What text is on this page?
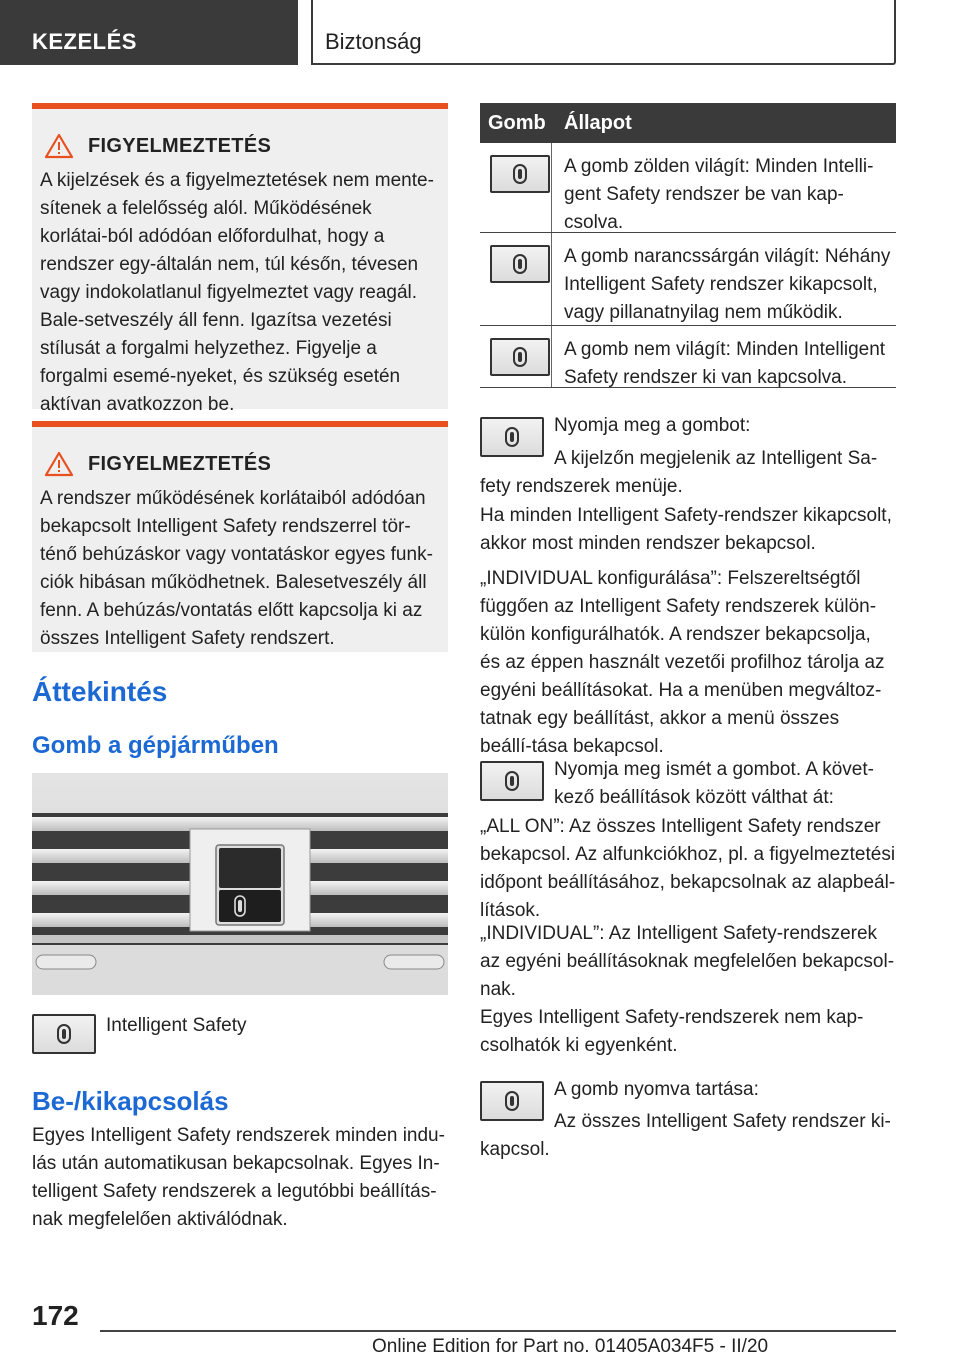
KEZELÉS	Biztonság
FIGYELMEZTETÉS

A kijelzések és a figyelmeztetések nem mente-sítenek a felelősség alól. Működésének korlátai-ból adódóan előfordulhat, hogy a rendszer egy-általán nem, túl későn, tévesen vagy indokolatlanul figyelmeztet vagy reagál. Bale-setveszély áll fenn. Igazítsa vezetési stílusát a forgalmi helyzethez. Figyelje a forgalmi esemé-nyeket, és szükség esetén aktívan avatkozzon be.

FIGYELMEZTETÉS

A rendszer működésének korlátaiból adódóan bekapcsolt Intelligent Safety rendszerrel tör-ténő behúzáskor vagy vontatáskor egyes funk-ciók hibásan működhetnek. Balesetveszély áll fenn. A behúzás/vontatás előtt kapcsolja ki az összes Intelligent Safety rendszert.

Áttekintés
Gomb a gépjárműben
Intelligent Safety
Be-/kikapcsolás

Egyes Intelligent Safety rendszerek minden indu-lás után automatikusan bekapcsolnak. Egyes In-telligent Safety rendszerek a legutóbbi beállítás-nak megfelelően aktiválódnak.

Gomb Állapot

A gomb zölden világít: Minden Intelli-gent Safety rendszer be van kap-csolva.

A gomb narancssárgán világít: Néhány Intelligent Safety rendszer kikapcsolt, vagy pillanatnyilag nem működik.

A gomb nem világít: Minden Intelligent Safety rendszer ki van kapcsolva.

Nyomja meg a gombot:

A kijelzőn megjelenik az Intelligent Sa-fety rendszerek menüje.

Ha minden Intelligent Safety-rendszer kikapcsolt, akkor most minden rendszer bekapcsol.

„INDIVIDUAL konfigurálása”: Felszereltségtől függően az Intelligent Safety rendszerek külön-külön konfigurálhatók. A rendszer bekapcsolja, és az éppen használt vezetői profilhoz tárolja az egyéni beállításokat. Ha a menüben megváltoz-tatnak egy beállítást, akkor a menü összes beállí-tása bekapcsol.

Nyomja meg ismét a gombot. A követ-kező beállítások között válthat át:

„ALL ON”: Az összes Intelligent Safety rendszer bekapcsol. Az alfunkciókhoz, pl. a figyelmeztetési időpont beállításához, bekapcsolnak az alapbeál-lítások.

„INDIVIDUAL”: Az Intelligent Safety-rendszerek az egyéni beállításoknak megfelelően bekapcsol-nak.

Egyes Intelligent Safety-rendszerek nem kap-csolhatók ki egyenként.

A gomb nyomva tartása:

Az összes Intelligent Safety rendszer ki-kapcsol.

172
Online Edition for Part no. 01405A034F5 - II/20
